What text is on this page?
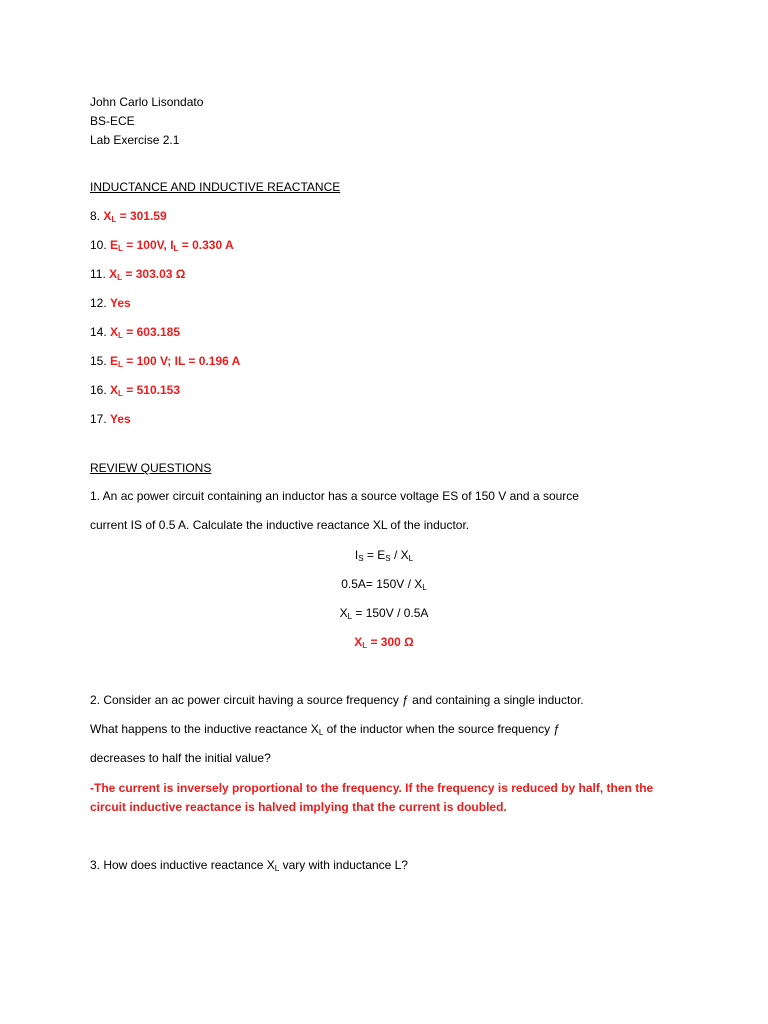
John Carlo Lisondato
BS-ECE
Lab Exercise 2.1
INDUCTANCE AND INDUCTIVE REACTANCE
8. $X_L = 301.59$
10. $E_L = 100V$, $I_L = 0.330$ A
11. $X_L = 303.03$ Ω
12. Yes
14. $X_L = 603.185$
15. $E_L = 100$ V; IL = 0.196 A
16. $X_L = 510.153$
17. Yes
REVIEW QUESTIONS
1. An ac power circuit containing an inductor has a source voltage ES of 150 V and a source
current IS of 0.5 A. Calculate the inductive reactance XL of the inductor.
$I_S = E_S / X_L$
$0.5A= 150V / X_L$
$X_L = 150V / 0.5A$
$X_L = 300$ Ω
2. Consider an ac power circuit having a source frequency ƒ and containing a single inductor.
What happens to the inductive reactance $X_L$ of the inductor when the source frequency ƒ
decreases to half the initial value?
-The current is inversely proportional to the frequency. If the frequency is reduced by half, then the circuit inductive reactance is halved implying that the current is doubled.
3. How does inductive reactance $X_L$ vary with inductance L?
